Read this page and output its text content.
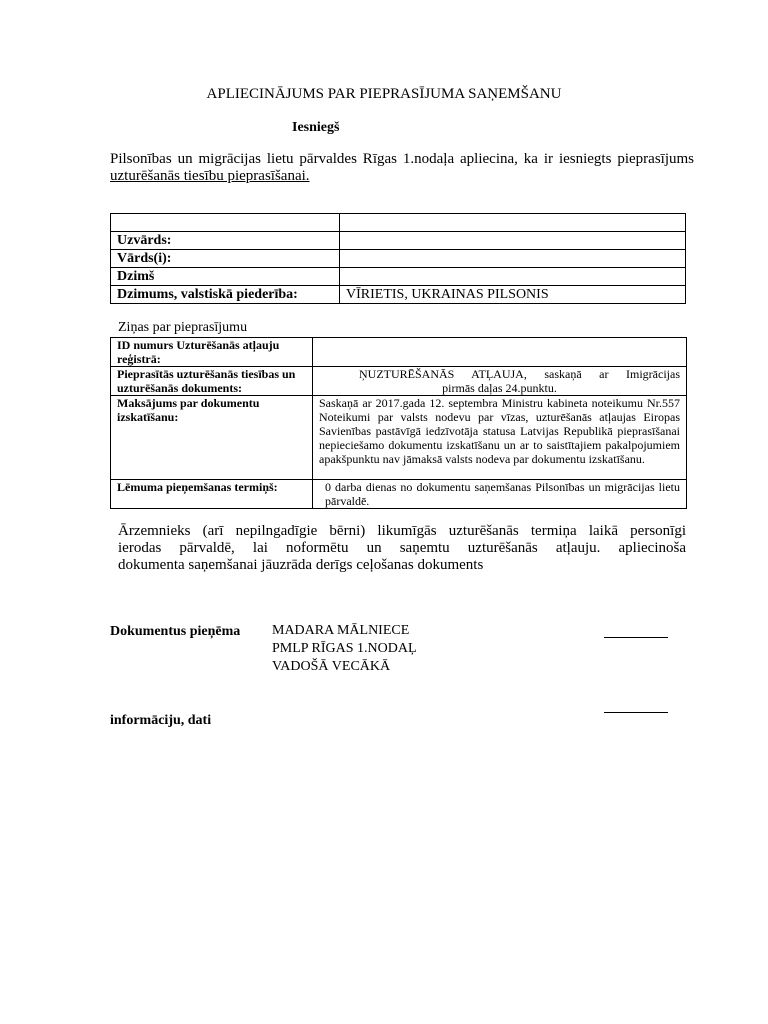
APLIECINĀJUMS PAR PIEPRASĪJUMA SAŅEMŠANU
Iesniegš
Pilsonības un migrācijas lietu pārvaldes Rīgas 1.nodaļa apliecina, ka ir iesniegts pieprasījums
uzturēšanās tiesību pieprasīšanai.

Uzvārds:	
Vārds(i):	
Dzimš	
Dzimums, valstiskā piederība:	VĪRIETIS, UKRAINAS PILSONIS
Ziņas par pieprasījumu
ID numurs Uzturēšanās atļauju reģistrā:	
Pieprasītās uzturēšanās tiesības un uzturēšanās dokuments:	ŅUZTURĒŠANĀS ATĻAUJA, saskaņā ar Imigrācijas
pirmās daļas 24.punktu.

Maksājums par dokumentu izskatīšanu:	Saskaņā ar 2017.gada 12. septembra Ministru kabineta noteikumu Nr.557 Noteikumi par valsts nodevu par vīzas, uzturēšanās atļaujas Eiropas Savienības pastāvīgā iedzīvotāja statusa Latvijas Republikā pieprasīšanai nepieciešamo dokumentu izskatīšanu un ar to saistītajiem pakalpojumiem apakšpunktu nav jāmaksā valsts nodeva par dokumentu izskatīšanu.
Lēmuma pieņemšanas termiņš:	0 darba dienas no dokumentu saņemšanas Pilsonības un migrācijas lietu pārvaldē.
Ārzemnieks (arī nepilngadīgie bērni) likumīgās uzturēšanās termiņa laikā personīgi
ierodas pārvaldē, lai noformētu un saņemtu uzturēšanās atļauju. apliecinoša
dokumenta saņemšanai jāuzrāda derīgs ceļošanas dokuments
Dokumentus pieņēma MADARA MĀLNIECE
PMLP RĪGAS 1.NODAĻ
VADOŠĀ VECĀKĀ
informāciju, dati
